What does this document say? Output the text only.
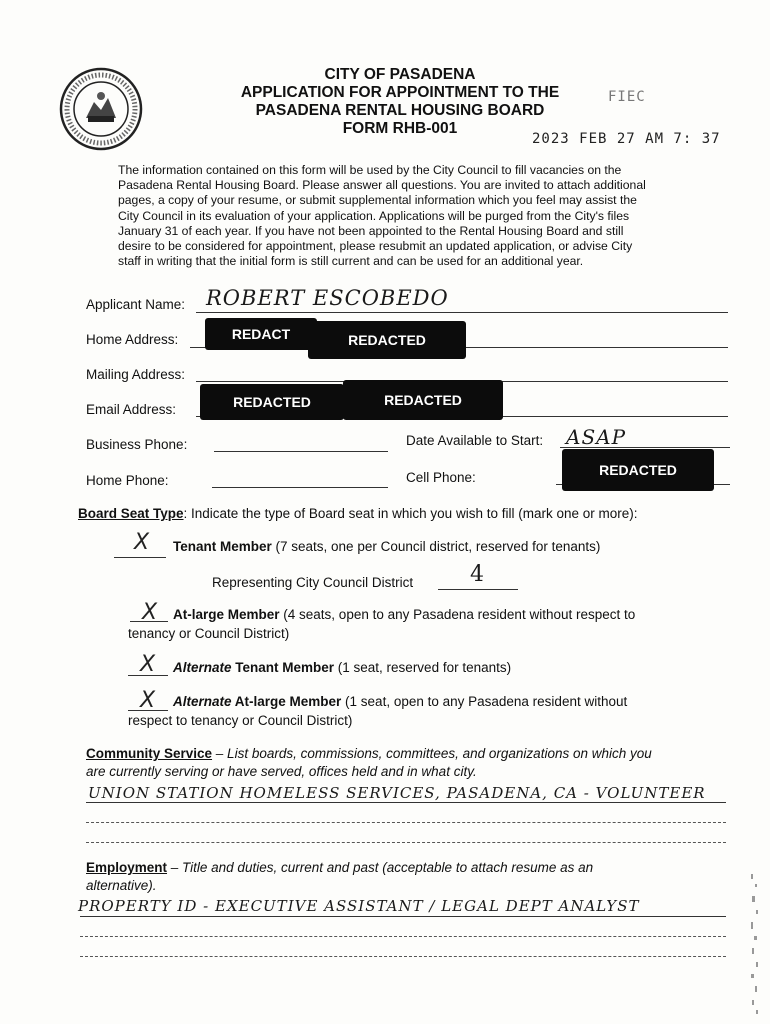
CITY OF PASADENA
APPLICATION FOR APPOINTMENT TO THE
PASADENA RENTAL HOUSING BOARD
FORM RHB-001
FIEC
2023 FEB 27 AM 7: 37
The information contained on this form will be used by the City Council to fill vacancies on the
Pasadena Rental Housing Board. Please answer all questions. You are invited to attach additional
pages, a copy of your resume, or submit supplemental information which you feel may assist the
City Council in its evaluation of your application. Applications will be purged from the City's files
January 31 of each year. If you have not been appointed to the Rental Housing Board and still
desire to be considered for appointment, please resubmit an updated application, or advise City
staff in writing that the initial form is still current and can be used for an additional year.
Applicant Name: ROBERT ESCOBEDO
Home Address:	REDACT	REDACTED
Mailing Address:
Email Address:	REDACTED	REDACTED
Business Phone:	Date Available to Start: ASAP
Home Phone:	Cell Phone:	REDACTED
Board Seat Type: Indicate the type of Board seat in which you wish to fill (mark one or more):
X Tenant Member (7 seats, one per Council district, reserved for tenants)
Representing City Council District	4
X At-large Member (4 seats, open to any Pasadena resident without respect to
tenancy or Council District)
X Alternate Tenant Member (1 seat, reserved for tenants)
X Alternate At-large Member (1 seat, open to any Pasadena resident without
respect to tenancy or Council District)
Community Service – List boards, commissions, committees, and organizations on which you
are currently serving or have served, offices held and in what city.
UNION STATION HOMELESS SERVICES, PASADENA, CA - VOLUNTEER
Employment – Title and duties, current and past (acceptable to attach resume as an
alternative).
PROPERTY ID - EXECUTIVE ASSISTANT / LEGAL DEPT ANALYST
